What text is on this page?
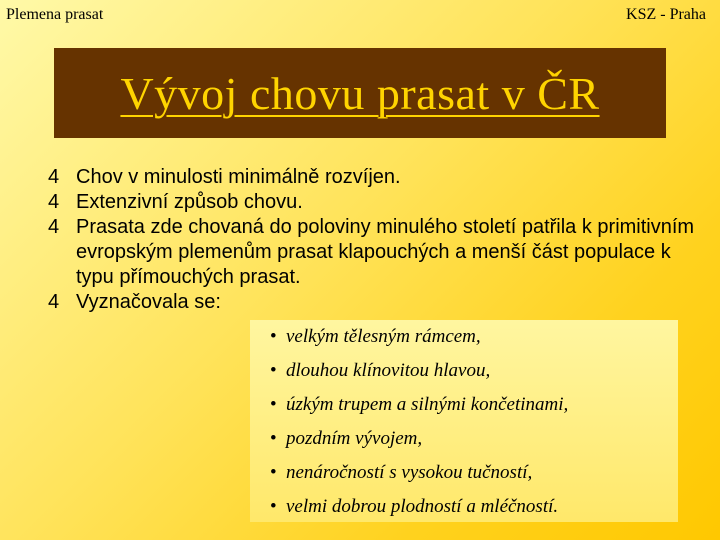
Plemena prasat	KSZ - Praha
Vývoj chovu prasat v ČR
4 Chov v minulosti minimálně rozvíjen.
4 Extenzivní způsob chovu.
4 Prasata zde chovaná do poloviny minulého století patřila k primitivním evropským plemenům prasat klapouchých a menší část populace k typu přímouchých prasat.
4 Vyznačovala se:
• velkým tělesným rámcem,
• dlouhou klínovitou hlavou,
• úzkým trupem a silnými končetinami,
• pozdním vývojem,
• nenáročností s vysokou tučností,
• velmi dobrou plodností a mléčností.
